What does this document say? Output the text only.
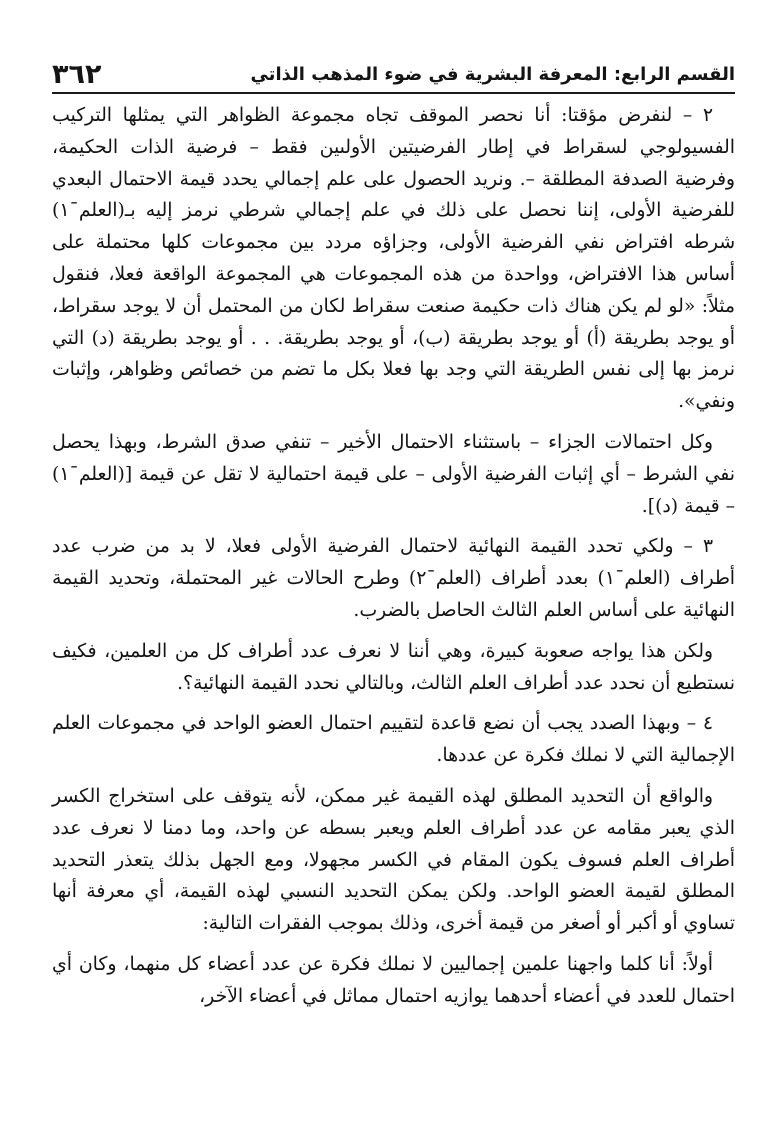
٣٦٢	القسم الرابع: المعرفة البشرية في ضوء المذهب الذاتي

٢ – لنفرض مؤقتا: أنا نحصر الموقف تجاه مجموعة الظواهر التي يمثلها التركيب الفسيولوجي لسقراط في إطار الفرضيتين الأولىين فقط – فرضية الذات الحكيمة، وفرضية الصدفة المطلقة –. ونريد الحصول على علم إجمالي يحدد قيمة الاحتمال البعدي للفرضية الأولى، إننا نحصل على ذلك في علم إجمالي شرطي نرمز إليه بـ(العلم¯١) شرطه افتراض نفي الفرضية الأولى، وجزاؤه مردد بين مجموعات كلها محتملة على أساس هذا الافتراض، وواحدة من هذه المجموعات هي المجموعة الواقعة فعلا، فنقول مثلاً: «لو لم يكن هناك ذات حكيمة صنعت سقراط لكان من المحتمل أن لا يوجد سقراط، أو يوجد بطريقة (أ) أو يوجد بطريقة (ب)، أو يوجد بطريقة. . . أو يوجد بطريقة (د) التي نرمز بها إلى نفس الطريقة التي وجد بها فعلا بكل ما تضم من خصائص وظواهر، وإثبات ونفي».

وكل احتمالات الجزاء – باستثناء الاحتمال الأخير – تنفي صدق الشرط، وبهذا يحصل نفي الشرط – أي إثبات الفرضية الأولى – على قيمة احتمالية لا تقل عن قيمة [(العلم¯١) – قيمة (د)].

٣ – ولكي تحدد القيمة النهائية لاحتمال الفرضية الأولى فعلا، لا بد من ضرب عدد أطراف (العلم¯١) بعدد أطراف (العلم¯٢) وطرح الحالات غير المحتملة، وتحديد القيمة النهائية على أساس العلم الثالث الحاصل بالضرب.

ولكن هذا يواجه صعوبة كبيرة، وهي أننا لا نعرف عدد أطراف كل من العلمين، فكيف نستطيع أن نحدد عدد أطراف العلم الثالث، وبالتالي نحدد القيمة النهائية؟.

٤ – وبهذا الصدد يجب أن نضع قاعدة لتقييم احتمال العضو الواحد في مجموعات العلم الإجمالية التي لا نملك فكرة عن عددها.

والواقع أن التحديد المطلق لهذه القيمة غير ممكن، لأنه يتوقف على استخراج الكسر الذي يعبر مقامه عن عدد أطراف العلم ويعبر بسطه عن واحد، وما دمنا لا نعرف عدد أطراف العلم فسوف يكون المقام في الكسر مجهولا، ومع الجهل بذلك يتعذر التحديد المطلق لقيمة العضو الواحد. ولكن يمكن التحديد النسبي لهذه القيمة، أي معرفة أنها تساوي أو أكبر أو أصغر من قيمة أخرى، وذلك بموجب الفقرات التالية:

أولاً: أنا كلما واجهنا علمين إجماليين لا نملك فكرة عن عدد أعضاء كل منهما، وكان أي احتمال للعدد في أعضاء أحدهما يوازيه احتمال مماثل في أعضاء الآخر،
